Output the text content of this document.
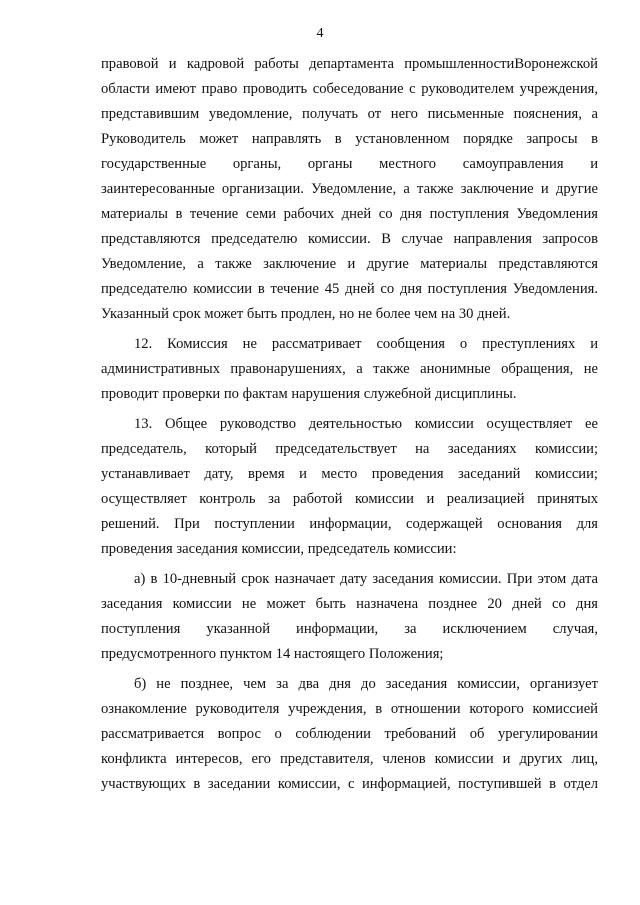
4
правовой и кадровой работы департамента промышленностиВоронежской
области имеют право проводить собеседование с руководителем учреждения,
представившим уведомление, получать от него письменные пояснения, а
Руководитель может направлять в установленном порядке запросы в
государственные органы, органы местного самоуправления и
заинтересованные организации. Уведомление, а также заключение и другие
материалы в течение семи рабочих дней со дня поступления Уведомления
представляются председателю комиссии. В случае направления запросов
Уведомление, а также заключение и другие материалы представляются
председателю комиссии в течение 45 дней со дня поступления Уведомления.
Указанный срок может быть продлен, но не более чем на 30 дней.
12. Комиссия не рассматривает сообщения о преступлениях и
административных правонарушениях, а также анонимные обращения, не
проводит проверки по фактам нарушения служебной дисциплины.
13. Общее руководство деятельностью комиссии осуществляет ее
председатель, который председательствует на заседаниях комиссии;
устанавливает дату, время и место проведения заседаний комиссии;
осуществляет контроль за работой комиссии и реализацией принятых
решений. При поступлении информации, содержащей основания для
проведения заседания комиссии, председатель комиссии:
а) в 10-дневный срок назначает дату заседания комиссии. При этом дата
заседания комиссии не может быть назначена позднее 20 дней со дня
поступления указанной информации, за исключением случая,
предусмотренного пунктом 14 настоящего Положения;
б) не позднее, чем за два дня до заседания комиссии, организует
ознакомление руководителя учреждения, в отношении которого комиссией
рассматривается вопрос о соблюдении требований об урегулировании
конфликта интересов, его представителя, членов комиссии и других лиц,
участвующих в заседании комиссии, с информацией, поступившей в отдел
